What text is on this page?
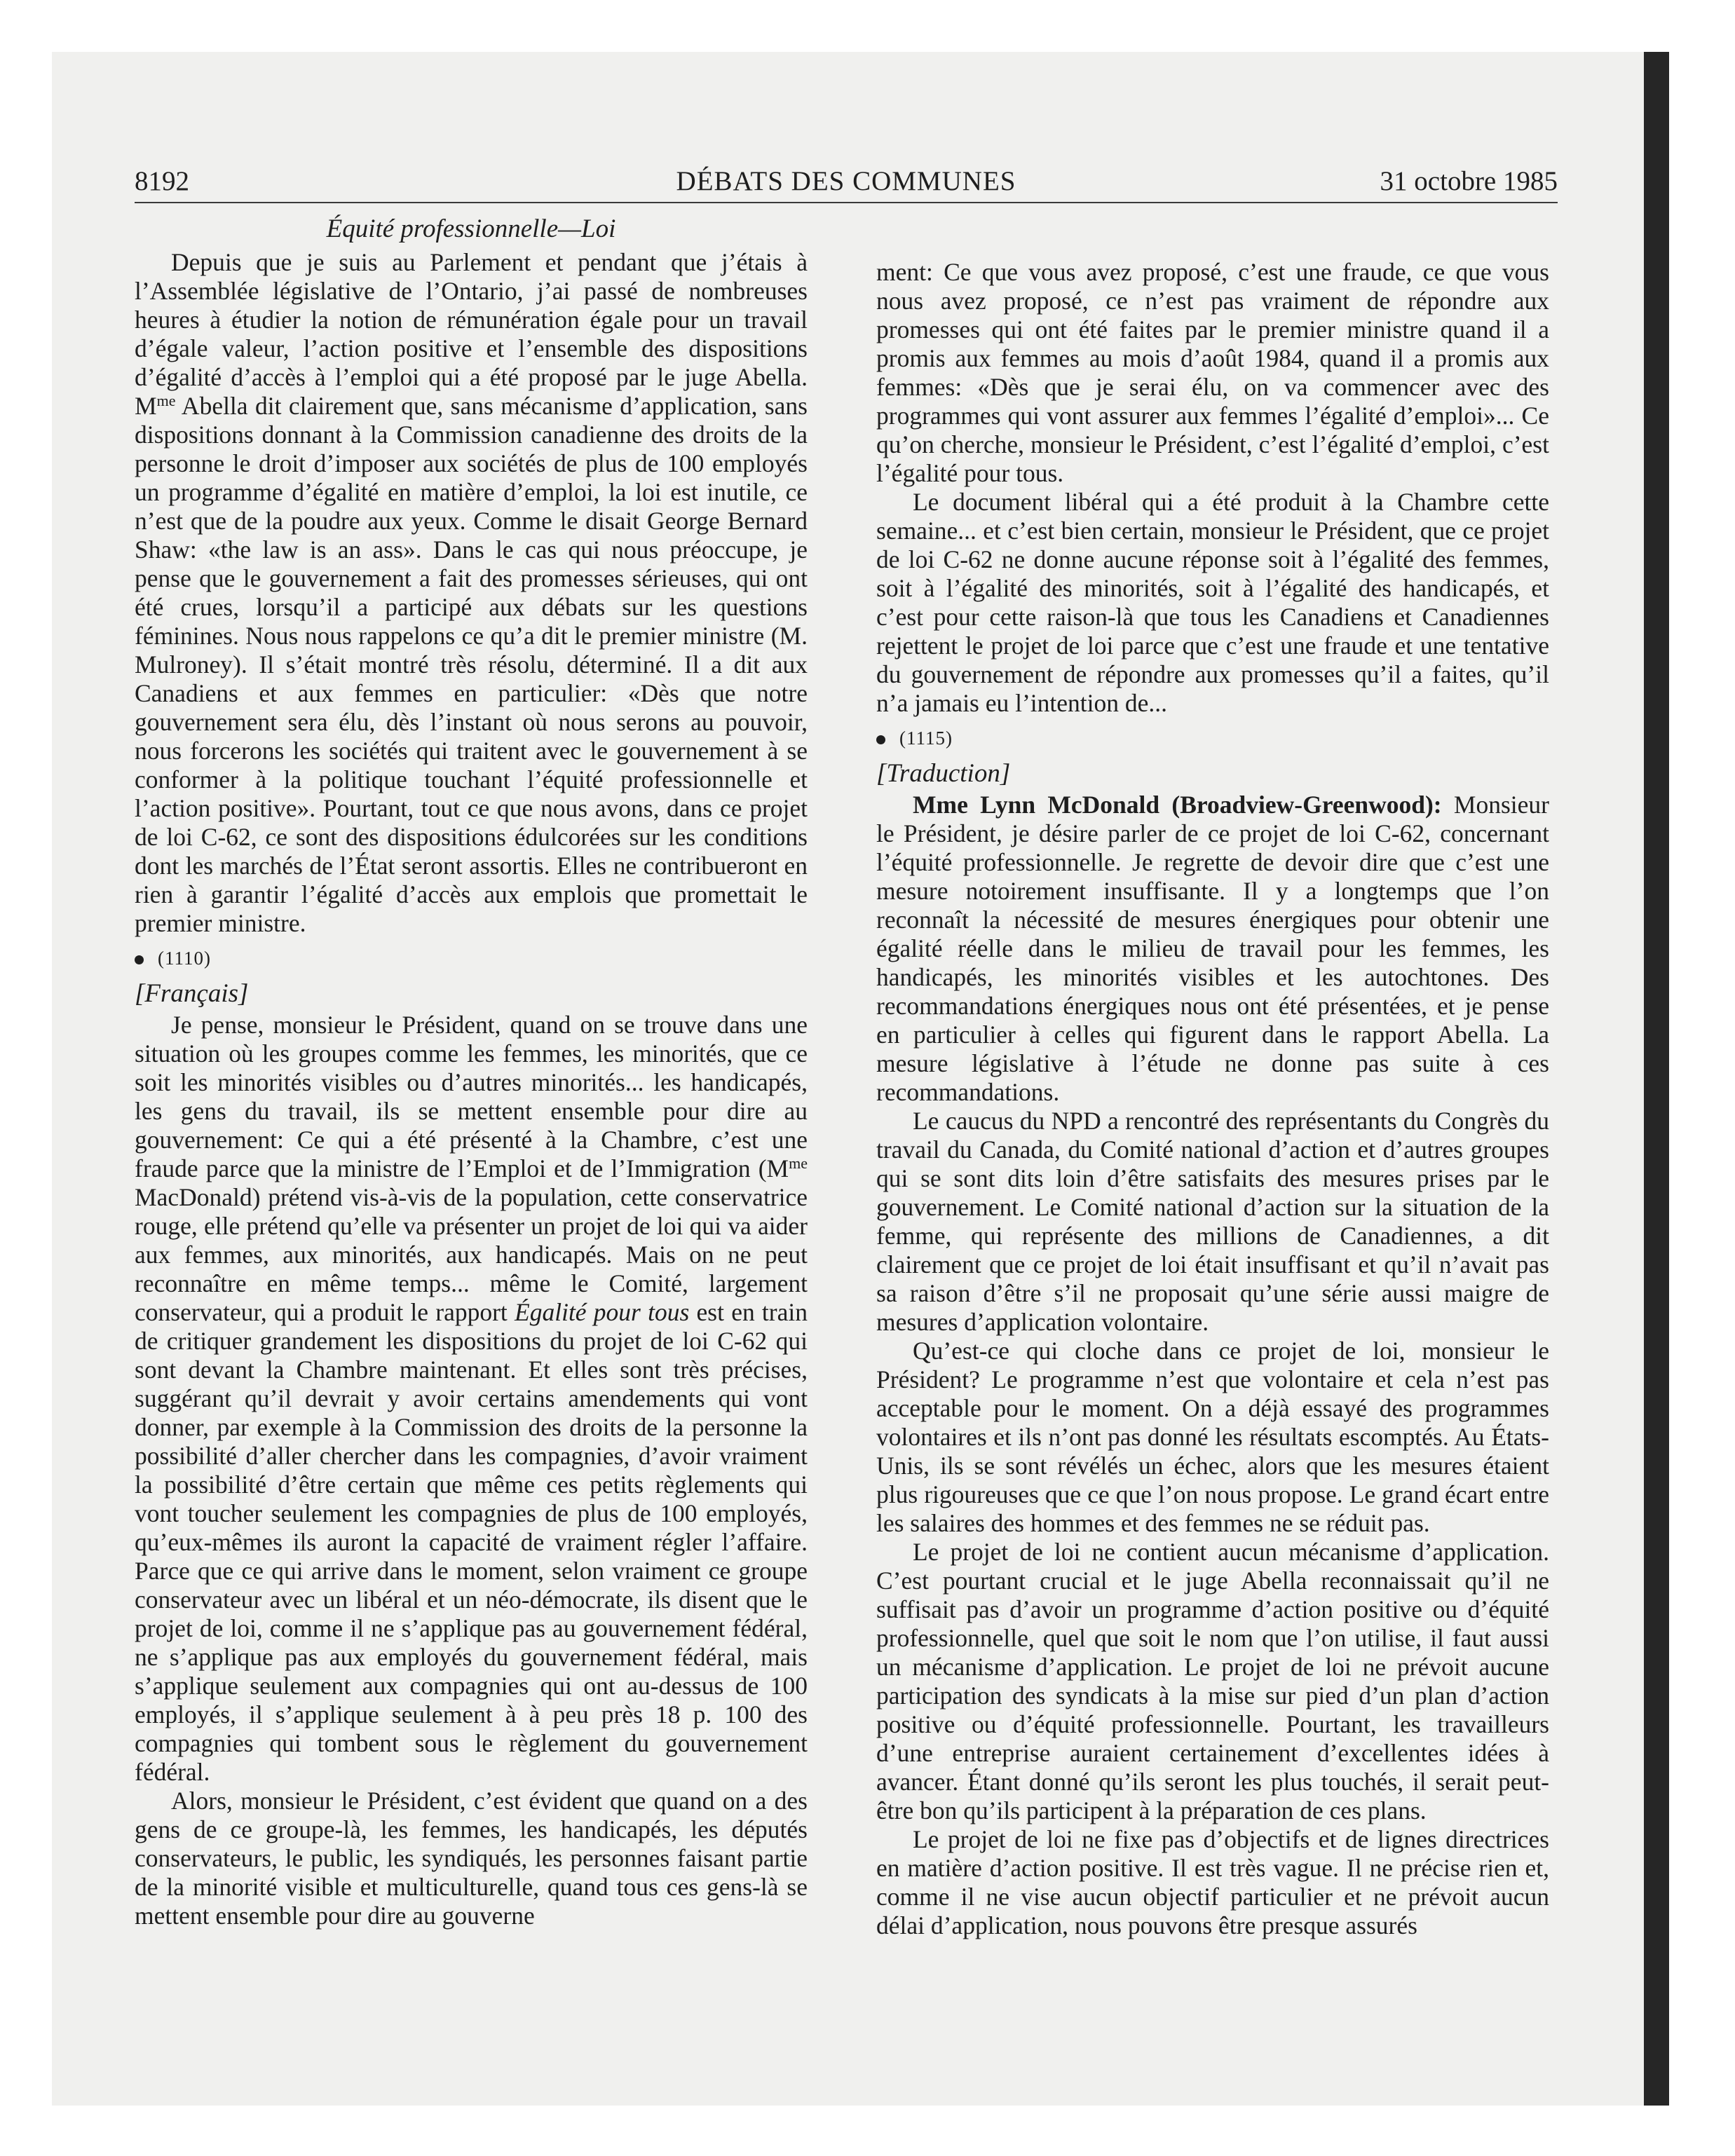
8192	DÉBATS DES COMMUNES	31 octobre 1985

Équité professionnelle—Loi

Depuis que je suis au Parlement et pendant que j’étais à l’Assemblée législative de l’Ontario, j’ai passé de nombreuses heures à étudier la notion de rémunération égale pour un travail d’égale valeur, l’action positive et l’ensemble des dispositions d’égalité d’accès à l’emploi qui a été proposé par le juge Abella. $M^{me}$ Abella dit clairement que, sans mécanisme d’application, sans dispositions donnant à la Commission canadienne des droits de la personne le droit d’imposer aux sociétés de plus de 100 employés un programme d’égalité en matière d’emploi, la loi est inutile, ce n’est que de la poudre aux yeux. Comme le disait George Bernard Shaw: «the law is an ass». Dans le cas qui nous préoccupe, je pense que le gouvernement a fait des promesses sérieuses, qui ont été crues, lorsqu’il a participé aux débats sur les questions féminines. Nous nous rappelons ce qu’a dit le premier ministre (M. Mulroney). Il s’était montré très résolu, déterminé. Il a dit aux Canadiens et aux femmes en particulier: «Dès que notre gouvernement sera élu, dès l’instant où nous serons au pouvoir, nous forcerons les sociétés qui traitent avec le gouvernement à se conformer à la politique touchant l’équité professionnelle et l’action positive». Pourtant, tout ce que nous avons, dans ce projet de loi C-62, ce sont des dispositions édulcorées sur les conditions dont les marchés de l’État seront assortis. Elles ne contribueront en rien à garantir l’égalité d’accès aux emplois que promettait le premier ministre.

(1110)

[Français]

Je pense, monsieur le Président, quand on se trouve dans une situation où les groupes comme les femmes, les minorités, que ce soit les minorités visibles ou d’autres minorités... les handicapés, les gens du travail, ils se mettent ensemble pour dire au gouvernement: Ce qui a été présenté à la Chambre, c’est une fraude parce que la ministre de l’Emploi et de l’Immigration ($M^{me}$ MacDonald) prétend vis-à-vis de la population, cette conservatrice rouge, elle prétend qu’elle va présenter un projet de loi qui va aider aux femmes, aux minorités, aux handicapés. Mais on ne peut reconnaître en même temps... même le Comité, largement conservateur, qui a produit le rapport Égalité pour tous est en train de critiquer grandement les dispositions du projet de loi C-62 qui sont devant la Chambre maintenant. Et elles sont très précises, suggérant qu’il devrait y avoir certains amendements qui vont donner, par exemple à la Commission des droits de la personne la possibilité d’aller chercher dans les compagnies, d’avoir vraiment la possibilité d’être certain que même ces petits règlements qui vont toucher seulement les compagnies de plus de 100 employés, qu’eux-mêmes ils auront la capacité de vraiment régler l’affaire. Parce que ce qui arrive dans le moment, selon vraiment ce groupe conservateur avec un libéral et un néo-démocrate, ils disent que le projet de loi, comme il ne s’applique pas au gouvernement fédéral, ne s’applique pas aux employés du gouvernement fédéral, mais s’applique seulement aux compagnies qui ont au-dessus de 100 employés, il s’applique seulement à à peu près 18 p. 100 des compagnies qui tombent sous le règlement du gouvernement fédéral.

Alors, monsieur le Président, c’est évident que quand on a des gens de ce groupe-là, les femmes, les handicapés, les députés conservateurs, le public, les syndiqués, les personnes faisant partie de la minorité visible et multiculturelle, quand tous ces gens-là se mettent ensemble pour dire au gouverne

ment: Ce que vous avez proposé, c’est une fraude, ce que vous nous avez proposé, ce n’est pas vraiment de répondre aux promesses qui ont été faites par le premier ministre quand il a promis aux femmes au mois d’août 1984, quand il a promis aux femmes: «Dès que je serai élu, on va commencer avec des programmes qui vont assurer aux femmes l’égalité d’emploi»... Ce qu’on cherche, monsieur le Président, c’est l’égalité d’emploi, c’est l’égalité pour tous.

Le document libéral qui a été produit à la Chambre cette semaine... et c’est bien certain, monsieur le Président, que ce projet de loi C-62 ne donne aucune réponse soit à l’égalité des femmes, soit à l’égalité des minorités, soit à l’égalité des handicapés, et c’est pour cette raison-là que tous les Canadiens et Canadiennes rejettent le projet de loi parce que c’est une fraude et une tentative du gouvernement de répondre aux promesses qu’il a faites, qu’il n’a jamais eu l’intention de...

(1115)

[Traduction]

Mme Lynn McDonald (Broadview-Greenwood): Monsieur le Président, je désire parler de ce projet de loi C-62, concernant l’équité professionnelle. Je regrette de devoir dire que c’est une mesure notoirement insuffisante. Il y a longtemps que l’on reconnaît la nécessité de mesures énergiques pour obtenir une égalité réelle dans le milieu de travail pour les femmes, les handicapés, les minorités visibles et les autochtones. Des recommandations énergiques nous ont été présentées, et je pense en particulier à celles qui figurent dans le rapport Abella. La mesure législative à l’étude ne donne pas suite à ces recommandations.

Le caucus du NPD a rencontré des représentants du Congrès du travail du Canada, du Comité national d’action et d’autres groupes qui se sont dits loin d’être satisfaits des mesures prises par le gouvernement. Le Comité national d’action sur la situation de la femme, qui représente des millions de Canadiennes, a dit clairement que ce projet de loi était insuffisant et qu’il n’avait pas sa raison d’être s’il ne proposait qu’une série aussi maigre de mesures d’application volontaire.

Qu’est-ce qui cloche dans ce projet de loi, monsieur le Président? Le programme n’est que volontaire et cela n’est pas acceptable pour le moment. On a déjà essayé des programmes volontaires et ils n’ont pas donné les résultats escomptés. Au États-Unis, ils se sont révélés un échec, alors que les mesures étaient plus rigoureuses que ce que l’on nous propose. Le grand écart entre les salaires des hommes et des femmes ne se réduit pas.

Le projet de loi ne contient aucun mécanisme d’application. C’est pourtant crucial et le juge Abella reconnaissait qu’il ne suffisait pas d’avoir un programme d’action positive ou d’équité professionnelle, quel que soit le nom que l’on utilise, il faut aussi un mécanisme d’application. Le projet de loi ne prévoit aucune participation des syndicats à la mise sur pied d’un plan d’action positive ou d’équité professionnelle. Pourtant, les travailleurs d’une entreprise auraient certainement d’excellentes idées à avancer. Étant donné qu’ils seront les plus touchés, il serait peut-être bon qu’ils participent à la préparation de ces plans.

Le projet de loi ne fixe pas d’objectifs et de lignes directrices en matière d’action positive. Il est très vague. Il ne précise rien et, comme il ne vise aucun objectif particulier et ne prévoit aucun délai d’application, nous pouvons être presque assurés
